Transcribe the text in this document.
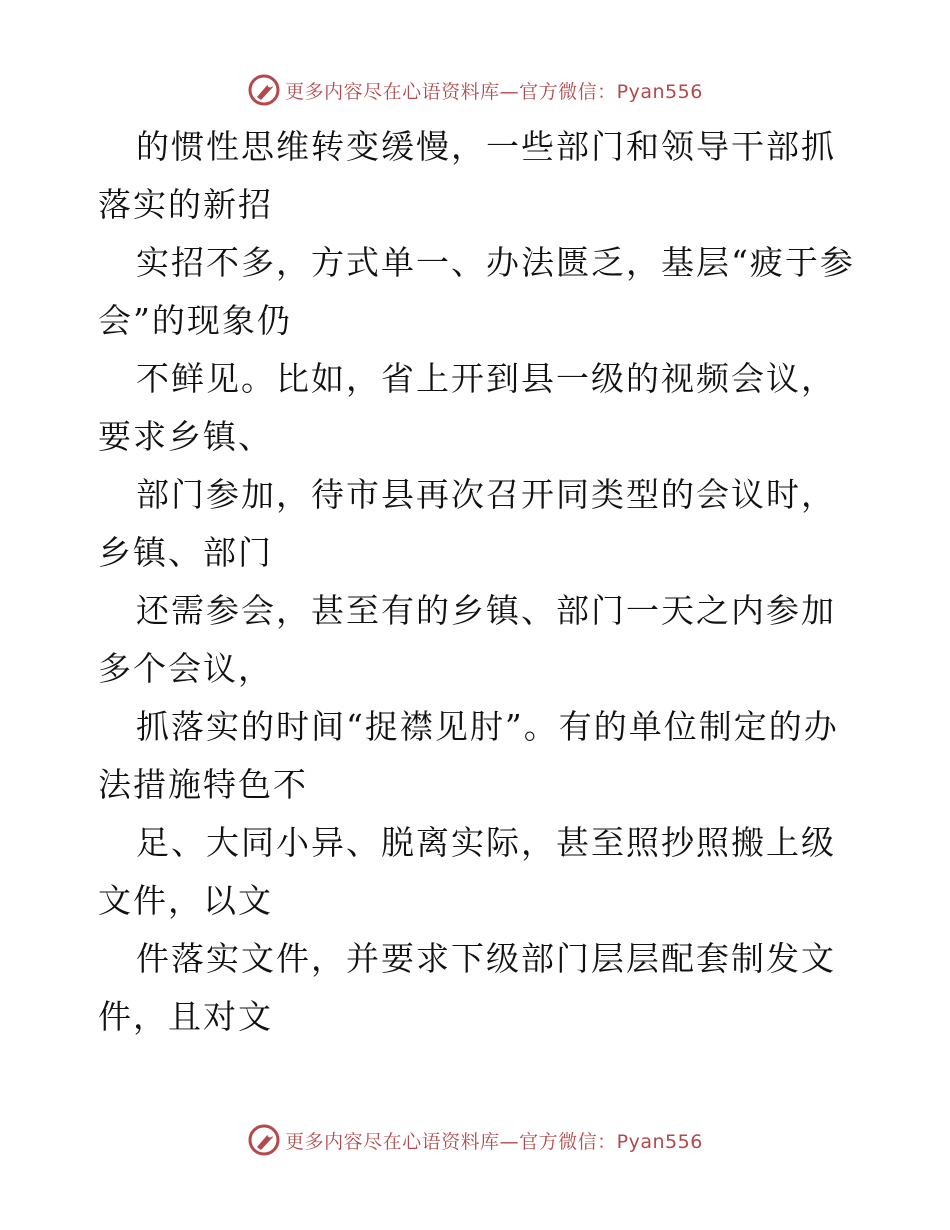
更多内容尽在心语资料库—官方微信：Pyan556

的惯性思维转变缓慢，一些部门和领导干部抓落实的新招

实招不多，方式单一、办法匮乏，基层“疲于参会”的现象仍

不鲜见。比如，省上开到县一级的视频会议，要求乡镇、

部门参加，待市县再次召开同类型的会议时，乡镇、部门

还需参会，甚至有的乡镇、部门一天之内参加多个会议，

抓落实的时间“捉襟见肘”。有的单位制定的办法措施特色不

足、大同小异、脱离实际，甚至照抄照搬上级文件，以文

件落实文件，并要求下级部门层层配套制发文件，且对文

更多内容尽在心语资料库—官方微信：Pyan556
